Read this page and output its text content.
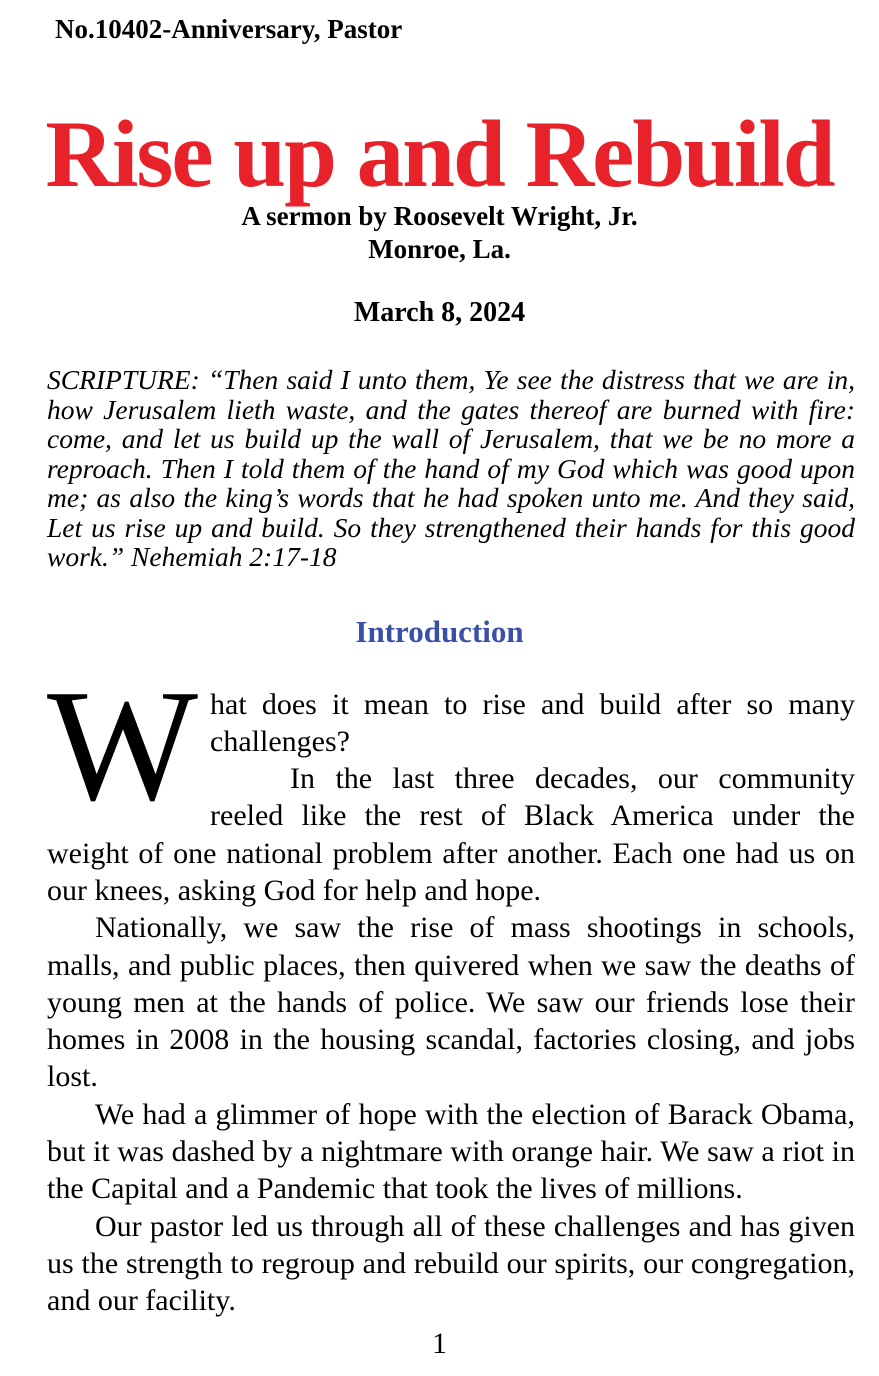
No.10402-Anniversary, Pastor
Rise up and Rebuild
A sermon by Roosevelt Wright, Jr.
Monroe, La.
March 8, 2024

SCRIPTURE: “Then said I unto them, Ye see the distress that we are in, how Jerusalem lieth waste, and the gates thereof are burned with fire: come, and let us build up the wall of Jerusalem, that we be no more a reproach. Then I told them of the hand of my God which was good upon me; as also the king’s words that he had spoken unto me. And they said, Let us rise up and build. So they strengthened their hands for this good work.” Nehemiah 2:17-18

Introduction

What does it mean to rise and build after so many challenges?

In the last three decades, our community reeled like the rest of Black America under the weight of one national problem after another. Each one had us on our knees, asking God for help and hope.

Nationally, we saw the rise of mass shootings in schools, malls, and public places, then quivered when we saw the deaths of young men at the hands of police. We saw our friends lose their homes in 2008 in the housing scandal, factories closing, and jobs lost.

We had a glimmer of hope with the election of Barack Obama, but it was dashed by a nightmare with orange hair. We saw a riot in the Capital and a Pandemic that took the lives of millions.

Our pastor led us through all of these challenges and has given us the strength to regroup and rebuild our spirits, our congregation, and our facility.

1
